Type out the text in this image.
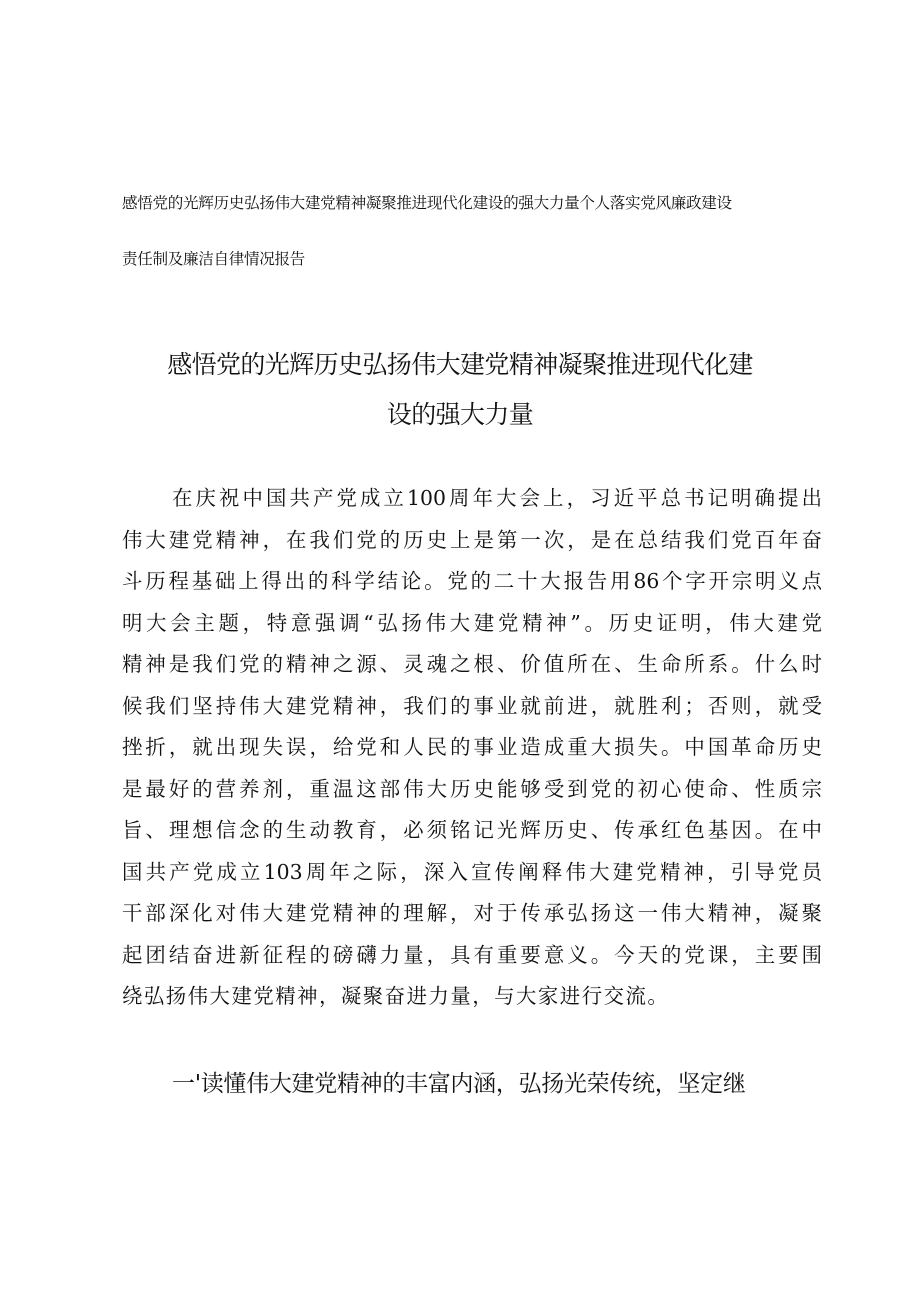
感悟党的光辉历史弘扬伟大建党精神凝聚推进现代化建设的强大力量个人落实党风廉政建设
责任制及廉洁自律情况报告
感悟党的光辉历史弘扬伟大建党精神凝聚推进现代化建
设的强大力量
在庆祝中国共产党成立100周年大会上，习近平总书记明确提出
伟大建党精神，在我们党的历史上是第一次，是在总结我们党百年奋
斗历程基础上得出的科学结论。党的二十大报告用86个字开宗明义点
明大会主题，特意强调“弘扬伟大建党精神”。历史证明，伟大建党
精神是我们党的精神之源、灵魂之根、价值所在、生命所系。什么时
候我们坚持伟大建党精神，我们的事业就前进，就胜利；否则，就受
挫折，就出现失误，给党和人民的事业造成重大损失。中国革命历史
是最好的营养剂，重温这部伟大历史能够受到党的初心使命、性质宗
旨、理想信念的生动教育，必须铭记光辉历史、传承红色基因。在中
国共产党成立103周年之际，深入宣传阐释伟大建党精神，引导党员
干部深化对伟大建党精神的理解，对于传承弘扬这一伟大精神，凝聚
起团结奋进新征程的磅礴力量，具有重要意义。今天的党课，主要围
绕弘扬伟大建党精神，凝聚奋进力量，与大家进行交流。
一'读懂伟大建党精神的丰富内涵，弘扬光荣传统，坚定继
